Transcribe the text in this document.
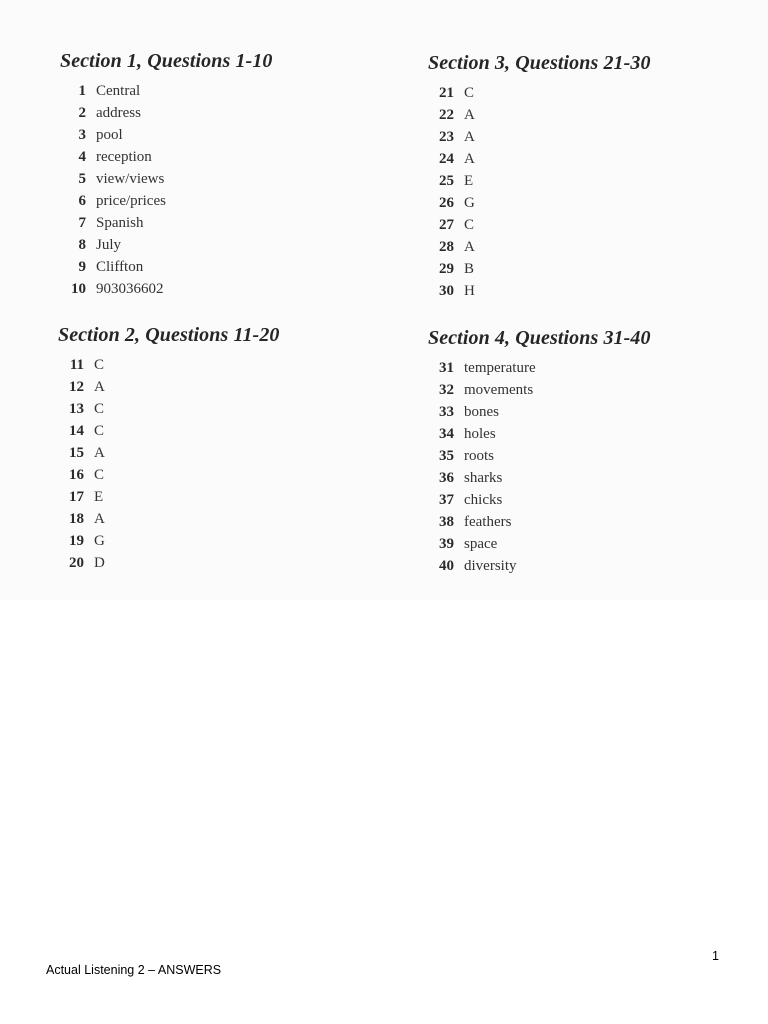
Section 1, Questions 1-10
1 Central
2 address
3 pool
4 reception
5 view/views
6 price/prices
7 Spanish
8 July
9 Cliffton
10 903036602
Section 3, Questions 21-30
21 C
22 A
23 A
24 A
25 E
26 G
27 C
28 A
29 B
30 H
Section 2, Questions 11-20
11 C
12 A
13 C
14 C
15 A
16 C
17 E
18 A
19 G
20 D
Section 4, Questions 31-40
31 temperature
32 movements
33 bones
34 holes
35 roots
36 sharks
37 chicks
38 feathers
39 space
40 diversity
1
Actual Listening 2 – ANSWERS
